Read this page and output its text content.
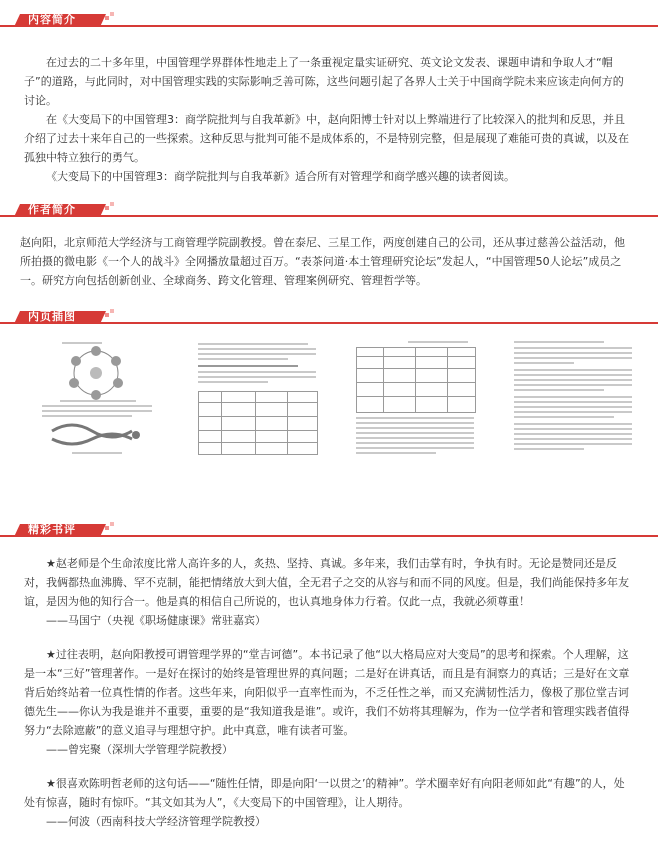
内容简介

在过去的二十多年里，中国管理学界群体性地走上了一条重视定量实证研究、英文论文发表、课题申请和争取人才“帽子”的道路，与此同时，对中国管理实践的实际影响乏善可陈，这些问题引起了各界人士关于中国商学院未来应该走向何方的讨论。

在《大变局下的中国管理3：商学院批判与自我革新》中，赵向阳博士针对以上弊端进行了比较深入的批判和反思，并且介绍了过去十来年自己的一些探索。这种反思与批判可能不是成体系的，不是特别完整，但是展现了难能可贵的真诚，以及在孤独中特立独行的勇气。

《大变局下的中国管理3：商学院批判与自我革新》适合所有对管理学和商学感兴趣的读者阅读。

作者简介

赵向阳，北京师范大学经济与工商管理学院副教授。曾在泰尼、三星工作，两度创建自己的公司，还从事过慈善公益活动，他所拍摄的微电影《一个人的战斗》全网播放量超过百万。“表茶问道·本土管理研究论坛”发起人，“中国管理50人论坛”成员之一。研究方向包括创新创业、全球商务、跨文化管理、管理案例研究、管理哲学等。

内页插图
精彩书评

★赵老师是个生命浓度比常人高许多的人，炙热、坚持、真诚。多年来，我们击掌有时，争执有时。无论是赞同还是反对，我俩都热血沸腾、罕不克制，能把情绪放大到大值，全无君子之交的从容与和而不同的风度。但是，我们尚能保持多年友谊，是因为他的知行合一。他是真的相信自己所说的，也认真地身体力行着。仅此一点，我就必须尊重！

——马国宁（央视《职场健康课》常驻嘉宾）

★过往表明，赵向阳教授可谓管理学界的“堂吉诃德”。本书记录了他“以大格局应对大变局”的思考和探索。个人理解，这是一本“三好”管理著作。一是好在探讨的始终是管理世界的真问题；二是好在讲真话，而且是有洞察力的真话；三是好在文章背后始终站着一位真性情的作者。这些年来，向阳似乎一直率性而为，不乏任性之举，而又充满韧性活力，像极了那位堂吉诃德先生——你认为我是谁并不重要，重要的是“我知道我是谁”。或许，我们不妨将其理解为，作为一位学者和管理实践者值得努力“去除遮蔽”的意义追寻与理想守护。此中真意，唯有读者可鉴。

——曾宪聚（深圳大学管理学院教授）

★很喜欢陈明哲老师的这句话——“随性任情，即是向阳‘一以贯之’的精神”。学术圈幸好有向阳老师如此“有趣”的人，处处有惊喜，随时有惊吓。“其文如其为人”，《大变局下的中国管理》，让人期待。

——何波（西南科技大学经济管理学院教授）
